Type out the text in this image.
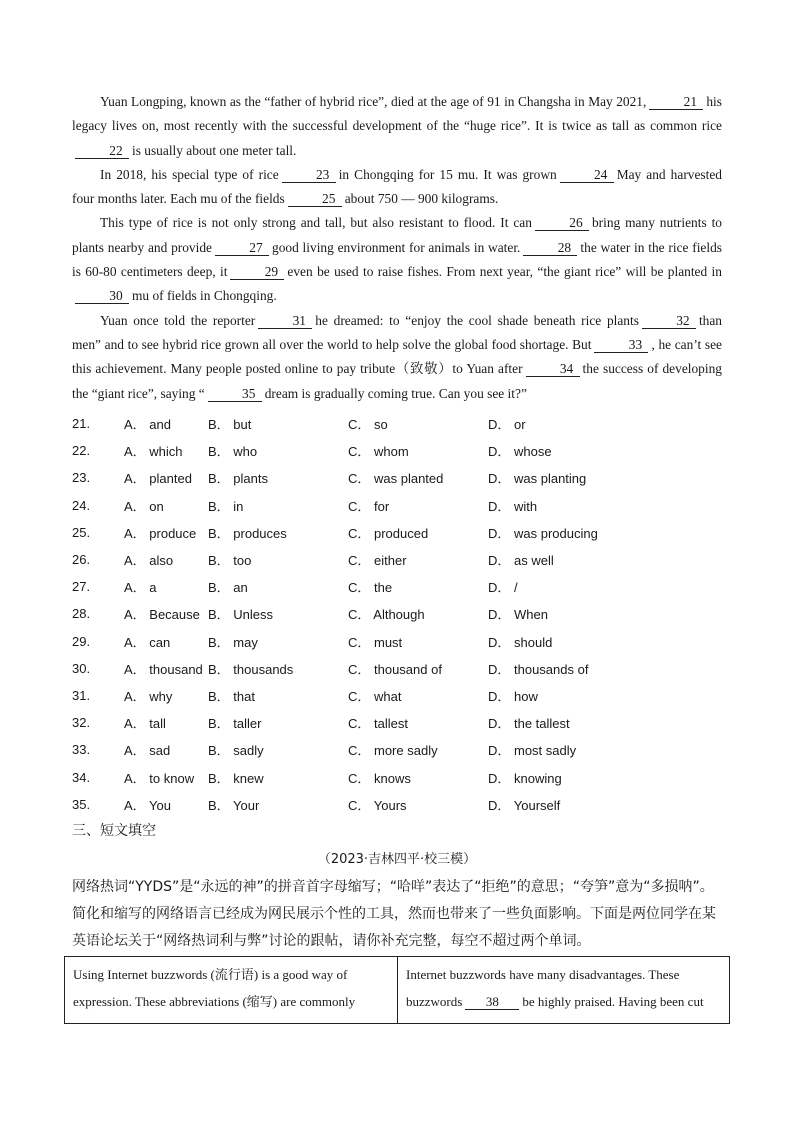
Yuan Longping, known as the “father of hybrid rice”, died at the age of 91 in Changsha in May 2021,	21 his legacy lives on, most recently with the successful development of the “huge rice”. It is twice as tall as common rice22 is usually about one meter tall.

In 2018, his special type of rice	23 in Chongqing for 15 mu. It was grown	24 May and harvested four months later. Each mu of the fields	25 about 750 — 900 kilograms.

This type of rice is not only strong and tall, but also resistant to flood. It can	26 bring many nutrients to plants nearby and provide	27 good living environment for animals in water.	28 the water in the rice fields is 60-80 centimeters deep, it	29 even be used to raise fishes. From next year, “the giant rice” will be planted in30 mu of fields in Chongqing.

Yuan once told the reporter	31 he dreamed: to “enjoy the cool shade beneath rice plants	32 than men” and to see hybrid rice grown all over the world to help solve the global food shortage. But	33 , he can’t see this achievement. Many people posted online to pay tribute（致敬）to Yuan after	34 the success of developing the “giant rice”, saying “	35 dream is gradually coming true. Can you see it?”

21.	A． and	B． but	C． so	D． or
22.	A． which	B． who	C． whom	D． whose
23.	A． planted	B． plants	C． was planted	D． was planting
24.	A． on	B． in	C． for	D． with
25.	A． produce B． produces	C． produced	D． was producing
26.	A． also	B． too	C． either	D． as well
27.	A． a	B． an	C． the	D． /
28.	A． Because B． Unless	C． Although	D． When
29.	A． can	B． may	C． must	D． should
30.	A． thousand B． thousands	C． thousand of	D． thousands of
31.	A． why	B． that	C． what	D． how
32.	A． tall	B． taller	C． tallest	D． the tallest
33.	A． sad	B． sadly	C． more sadly	D． most sadly
34.	A． to know	B． knew	C． knows	D． knowing
35.	A． You	B． Your	C． Yours	D． Yourself
三、短文填空
（2023·吉林四平·校三模）
网络热词“YYDS”是“永远的神”的拼音首字母缩写；“哈咩”表达了“拒绝”的意思；“夸笋”意为“多损呐”。简化和缩写的网络语言已经成为网民展示个性的工具，然而也带来了一些负面影响。下面是两位同学在某英语论坛关于“网络热词利与弊”讨论的跟帖，请你补充完整，每空不超过两个单词。
Using Internet buzzwords (流行语) is a good way of expression. These abbreviations (缩写) are commonly
Internet buzzwords have many disadvantages. These buzzwords 38 be highly praised. Having been cut
